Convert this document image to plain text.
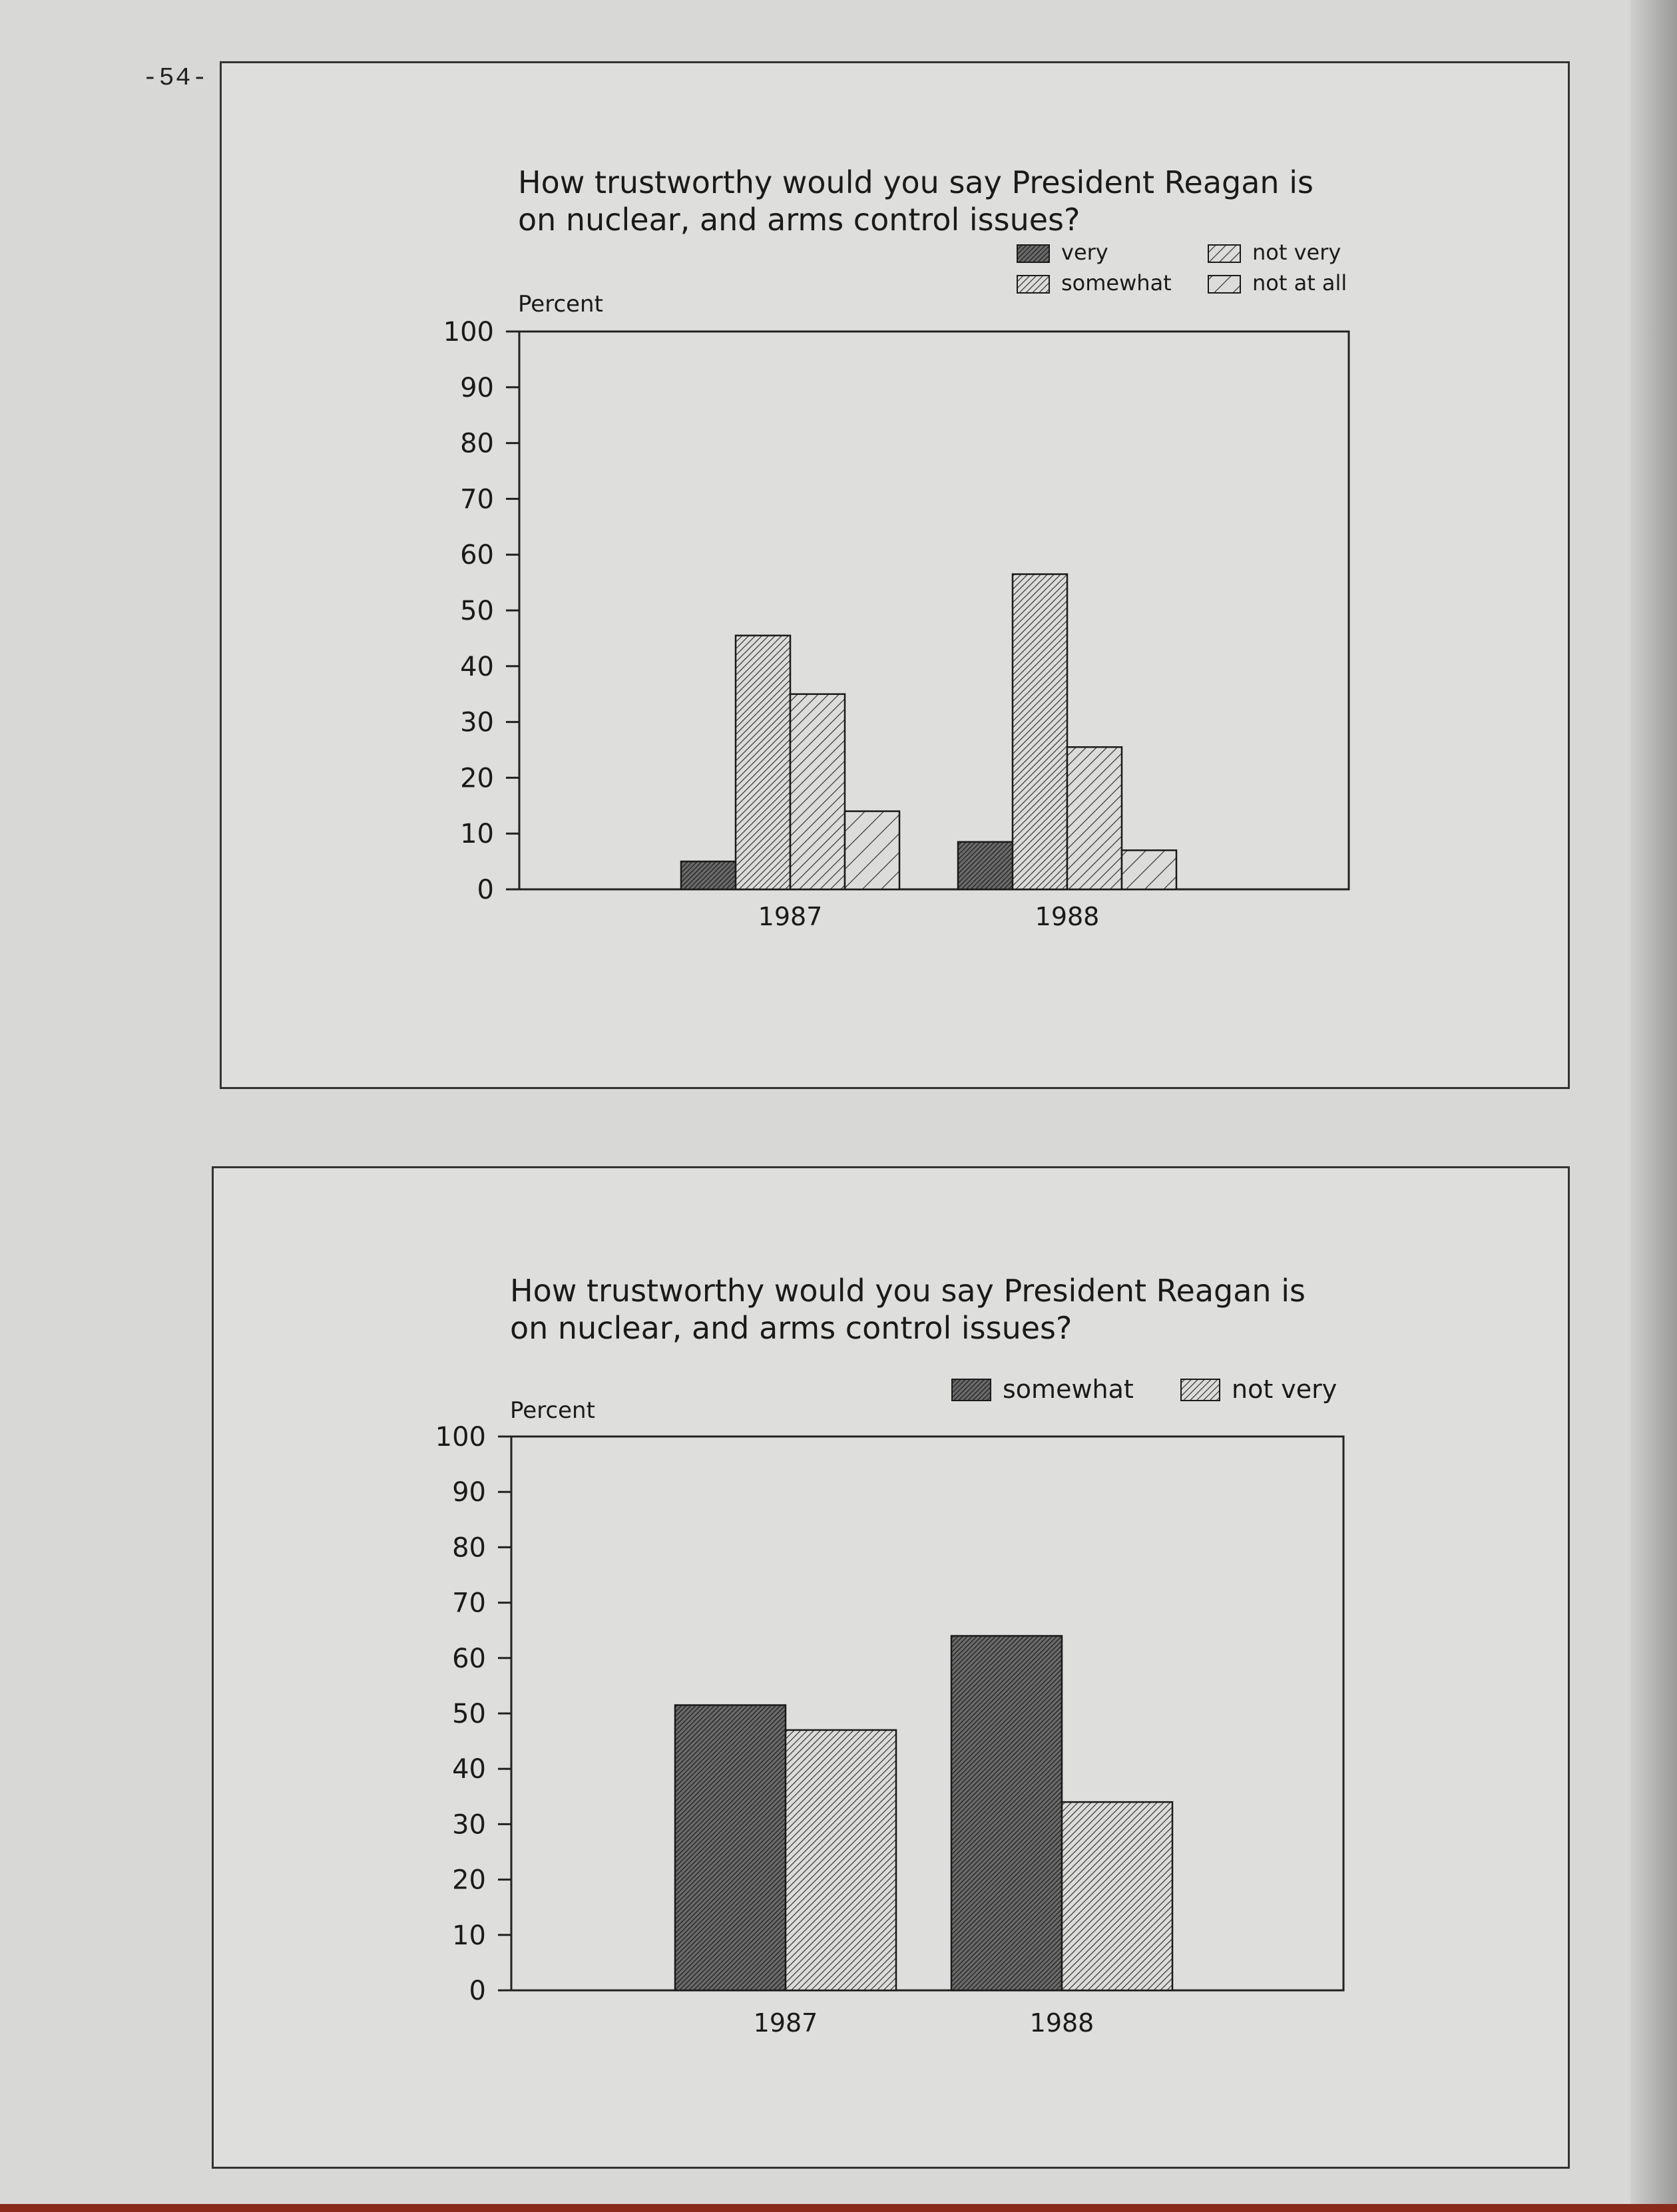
-54-
How trustworthy would you say President Reagan is
on nuclear, and arms control issues?
Percent
0
10
20
30
40
50
60
70
80
90
100
1987	1988
very
somewhat
not very
not at all
How trustworthy would you say President Reagan is
on nuclear, and arms control issues?
Percent
0
10
20
30
40
50
60
70
80
90
100
1987	1988
somewhat	not very
